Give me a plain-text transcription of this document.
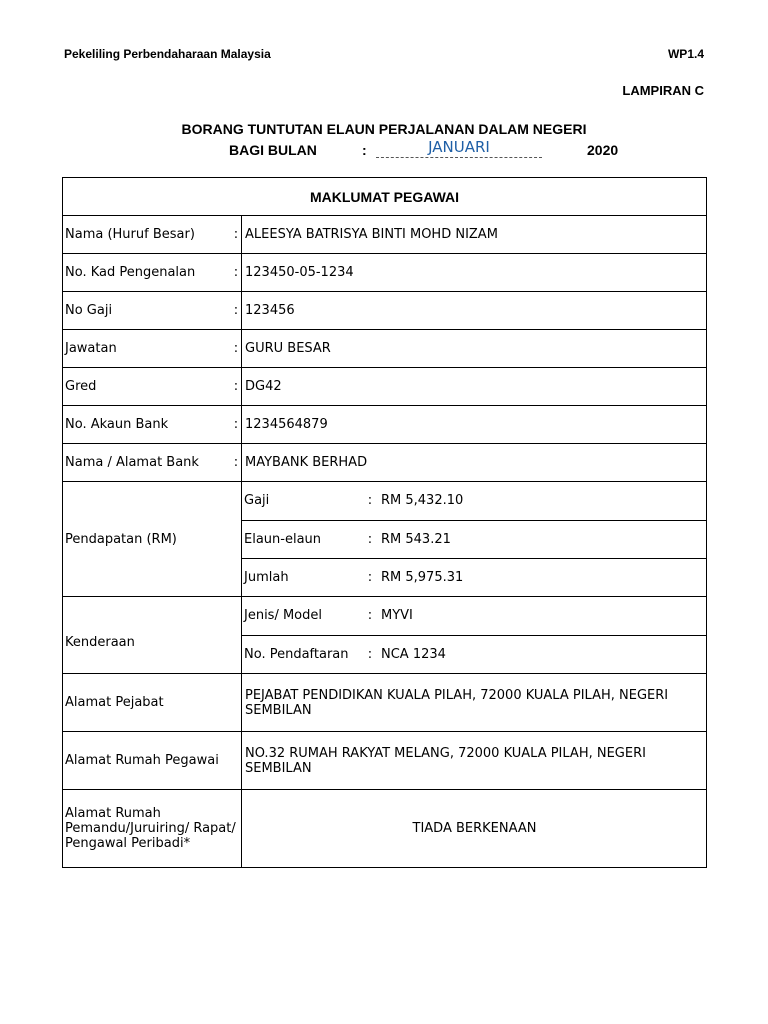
Pekeliling Perbendaharaan Malaysia	WP1.4
LAMPIRAN C
BORANG TUNTUTAN ELAUN PERJALANAN DALAM NEGERI
BAGI BULAN	:	JANUARI	2020
MAKLUMAT PEGAWAI
Nama (Huruf Besar)	:	ALEESYA BATRISYA BINTI MOHD NIZAM
No. Kad Pengenalan	:	123450-05-1234
No Gaji	:	123456
Jawatan	:	GURU BESAR
Gred	:	DG42
No. Akaun Bank	:	1234564879
Nama / Alamat Bank	:	MAYBANK BERHAD
Pendapatan (RM)	
Gaji	:	RM 5,432.10
Elaun-elaun	:	RM 543.21
Jumlah	:	RM 5,975.31

Kenderaan	
Jenis/ Model	:	MYVI
No. Pendaftaran	:	NCA 1234

Alamat Pejabat	PEJABAT PENDIDIKAN KUALA PILAH, 72000 KUALA PILAH, NEGERI SEMBILAN
Alamat Rumah Pegawai	NO.32 RUMAH RAKYAT MELANG, 72000 KUALA PILAH, NEGERI SEMBILAN
Alamat Rumah Pemandu/Juruiring/ Rapat/ Pengawal Peribadi*	TIADA BERKENAAN
